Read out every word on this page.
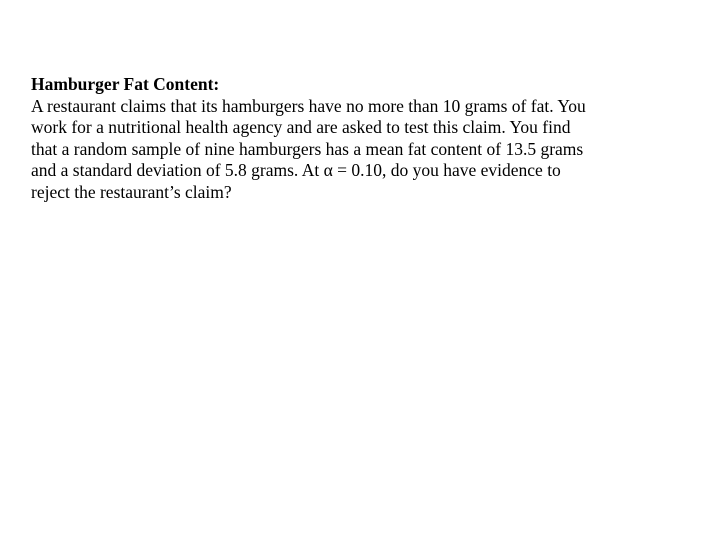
Hamburger Fat Content:
A restaurant claims that its hamburgers have no more than 10 grams of fat. You
work for a nutritional health agency and are asked to test this claim. You find
that a random sample of nine hamburgers has a mean fat content of 13.5 grams
and a standard deviation of 5.8 grams. At α = 0.10, do you have evidence to
reject the restaurant’s claim?
